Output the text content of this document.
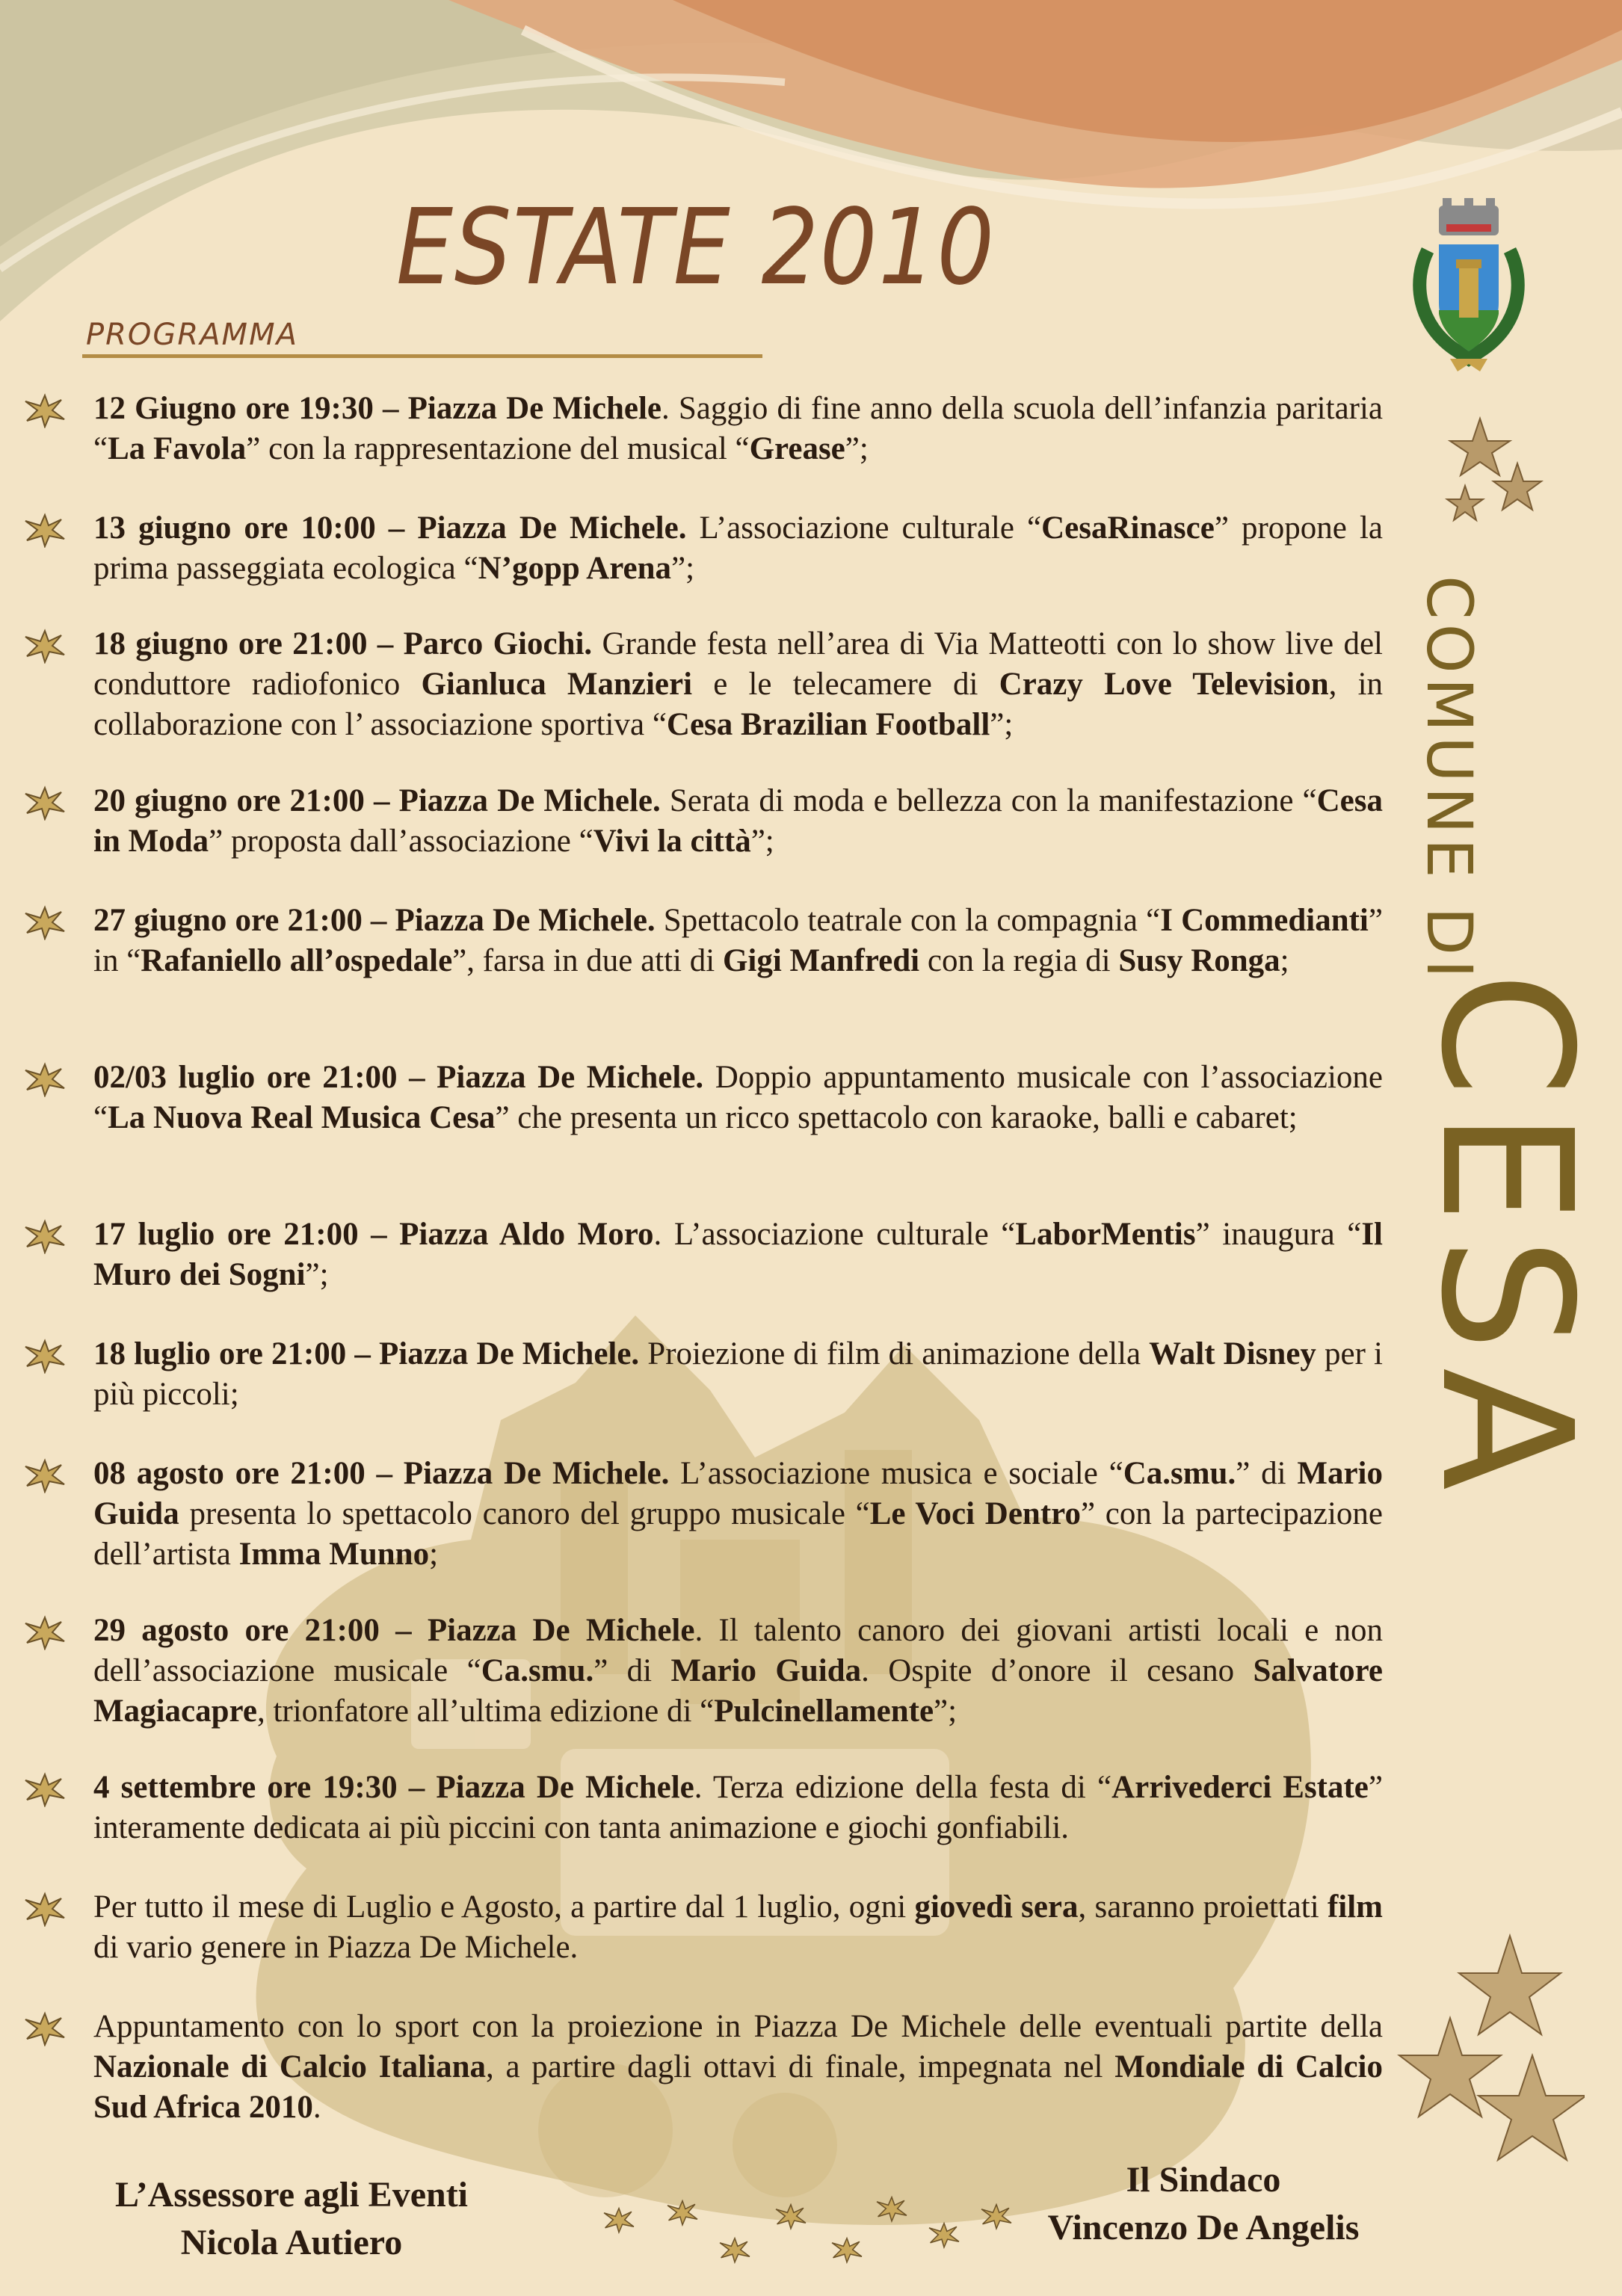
ESTATE 2010
PROGRAMMA
COMUNE DI
CESA
12 Giugno ore 19:30 – Piazza De Michele. Saggio di fine anno della scuola dell’infanzia paritaria “La Favola” con la rappresentazione del musical “Grease”;
13 giugno ore 10:00 – Piazza De Michele. L’associazione culturale “CesaRinasce” propone la prima passeggiata ecologica “N’gopp Arena”;
18 giugno ore 21:00 – Parco Giochi. Grande festa nell’area di Via Matteotti con lo show live del conduttore radiofonico Gianluca Manzieri e le telecamere di Crazy Love Television, in collaborazione con l’ associazione sportiva “Cesa Brazilian Football”;
20 giugno ore 21:00 – Piazza De Michele. Serata di moda e bellezza con la manifestazione “Cesa in Moda” proposta dall’associazione “Vivi la città”;
27 giugno ore 21:00 – Piazza De Michele. Spettacolo teatrale con la compagnia “I Commedianti” in “Rafaniello all’ospedale”, farsa in due atti di Gigi Manfredi con la regia di Susy Ronga;
02/03 luglio ore 21:00 – Piazza De Michele. Doppio appuntamento musicale con l’associazione “La Nuova Real Musica Cesa” che presenta un ricco spettacolo con karaoke, balli e cabaret;
17 luglio ore 21:00 – Piazza Aldo Moro. L’associazione culturale “LaborMentis” inaugura “Il Muro dei Sogni”;
18 luglio ore 21:00 – Piazza De Michele. Proiezione di film di animazione della Walt Disney per i più piccoli;
08 agosto ore 21:00 – Piazza De Michele. L’associazione musica e sociale “Ca.smu.” di Mario Guida presenta lo spettacolo canoro del gruppo musicale “Le Voci Dentro” con la partecipazione dell’artista Imma Munno;
29 agosto ore 21:00 – Piazza De Michele. Il talento canoro dei giovani artisti locali e non dell’associazione musicale “Ca.smu.” di Mario Guida. Ospite d’onore il cesano Salvatore Magiacapre, trionfatore all’ultima edizione di “Pulcinellamente”;
4 settembre ore 19:30 – Piazza De Michele. Terza edizione della festa di “Arrivederci Estate” interamente dedicata ai più piccini con tanta animazione e giochi gonfiabili.
Per tutto il mese di Luglio e Agosto, a partire dal 1 luglio, ogni giovedì sera, saranno proiettati film di vario genere in Piazza De Michele.
Appuntamento con lo sport con la proiezione in Piazza De Michele delle eventuali partite della Nazionale di Calcio Italiana, a partire dagli ottavi di finale, impegnata nel Mondiale di Calcio Sud Africa 2010.
L’Assessore agli Eventi
Nicola Autiero
Il Sindaco
Vincenzo De Angelis
